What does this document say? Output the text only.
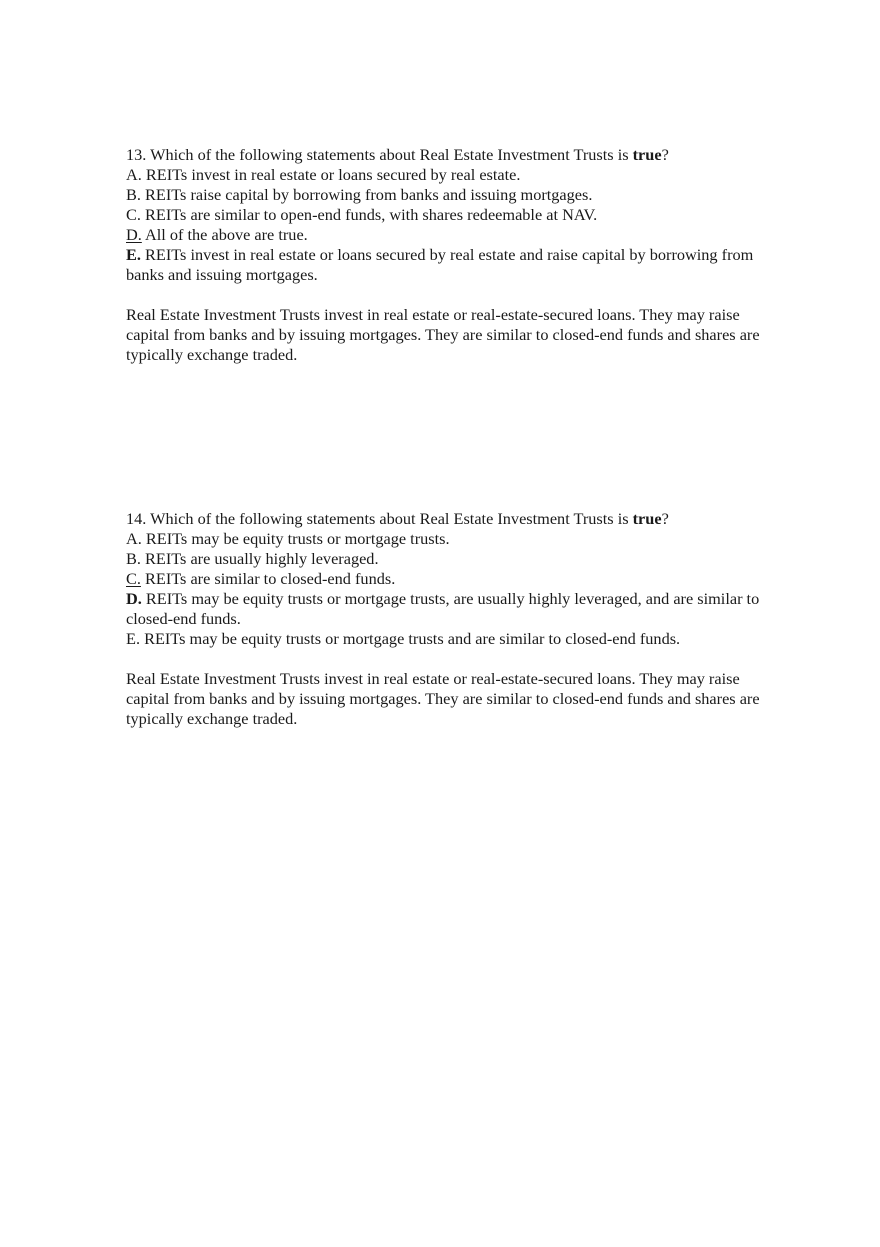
13. Which of the following statements about Real Estate Investment Trusts is true?

A. REITs invest in real estate or loans secured by real estate.

B. REITs raise capital by borrowing from banks and issuing mortgages.

C. REITs are similar to open-end funds, with shares redeemable at NAV.

D. All of the above are true.

E. REITs invest in real estate or loans secured by real estate and raise capital by borrowing from banks and issuing mortgages.

Real Estate Investment Trusts invest in real estate or real-estate-secured loans. They may raise capital from banks and by issuing mortgages. They are similar to closed-end funds and shares are typically exchange traded.

14. Which of the following statements about Real Estate Investment Trusts is true?

A. REITs may be equity trusts or mortgage trusts.

B. REITs are usually highly leveraged.

C. REITs are similar to closed-end funds.

D. REITs may be equity trusts or mortgage trusts, are usually highly leveraged, and are similar to closed-end funds.

E. REITs may be equity trusts or mortgage trusts and are similar to closed-end funds.

Real Estate Investment Trusts invest in real estate or real-estate-secured loans. They may raise capital from banks and by issuing mortgages. They are similar to closed-end funds and shares are typically exchange traded.
